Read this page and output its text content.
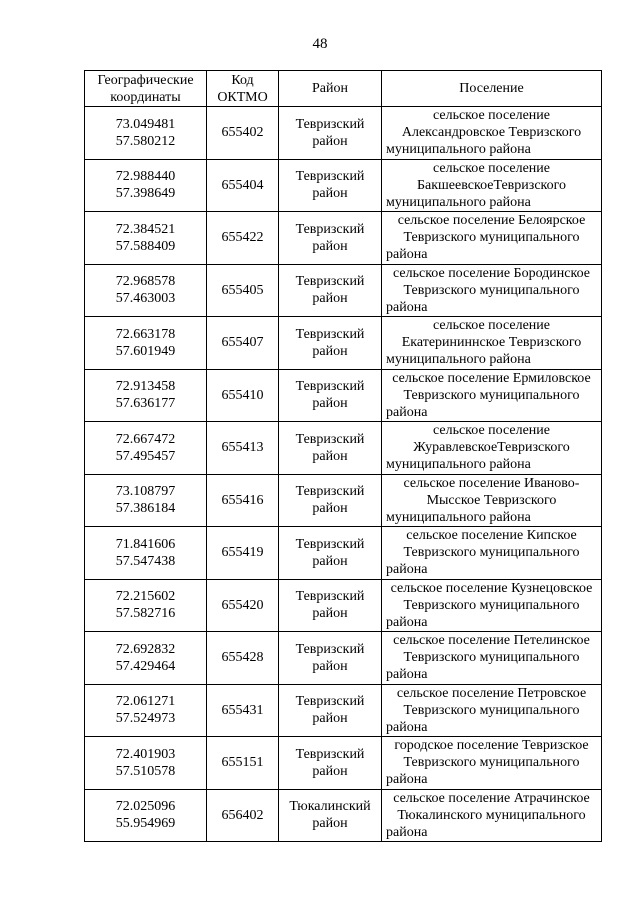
48
Географические координаты	Код ОКТМО	Район	Поселение

73.049481
57.580212	655402	Тевризский район	сельское поселение Александровское Тевризского муниципального района

72.988440
57.398649	655404	Тевризский район	сельское поселение БакшеевскоеТевризского муниципального района

72.384521
57.588409	655422	Тевризский район	сельское поселение Белоярское Тевризского муниципального района

72.968578
57.463003	655405	Тевризский район	сельское поселение Бородинское Тевризского муниципального района

72.663178
57.601949	655407	Тевризский район	сельское поселение Екатерининнское Тевризского муниципального района

72.913458
57.636177	655410	Тевризский район	сельское поселение Ермиловское Тевризского муниципального района

72.667472
57.495457	655413	Тевризский район	сельское поселение ЖуравлевскоеТевризского муниципального района

73.108797
57.386184	655416	Тевризский район	сельское поселение Иваново-Мысское Тевризского муниципального района

71.841606
57.547438	655419	Тевризский район	сельское поселение Кипское Тевризского муниципального района

72.215602
57.582716	655420	Тевризский район	сельское поселение Кузнецовское Тевризского муниципального района

72.692832
57.429464	655428	Тевризский район	сельское поселение Петелинское Тевризского муниципального района

72.061271
57.524973	655431	Тевризский район	сельское поселение Петровское Тевризского муниципального района

72.401903
57.510578	655151	Тевризский район	городское поселение Тевризское Тевризского муниципального района

72.025096
55.954969	656402	Тюкалинский район	сельское поселение Атрачинское Тюкалинского муниципального района
